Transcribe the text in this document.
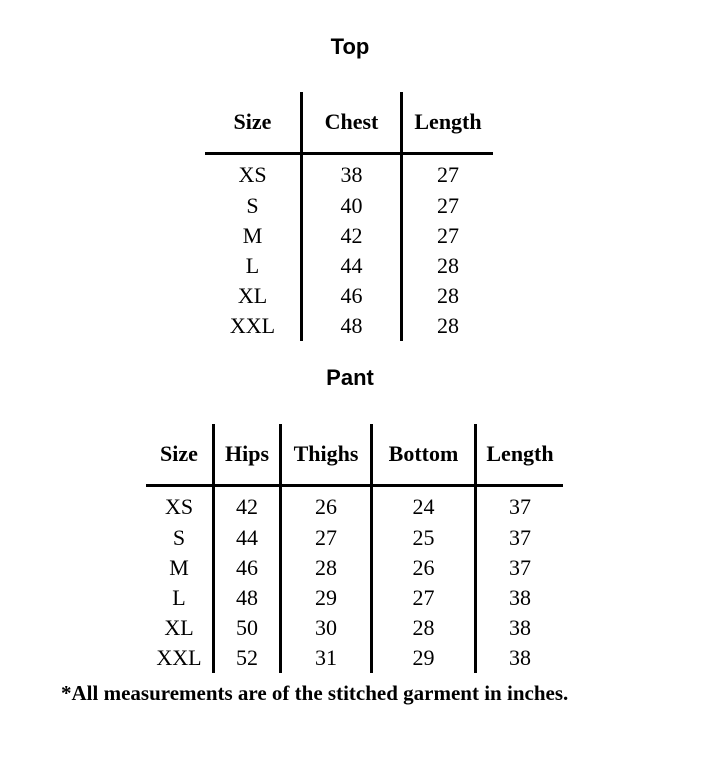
Top
Size	Chest	Length
XS	38	27
S	40	27
M	42	27
L	44	28
XL	46	28
XXL	48	28
Pant
Size	Hips	Thighs	Bottom	Length
XS	42	26	24	37
S	44	27	25	37
M	46	28	26	37
L	48	29	27	38
XL	50	30	28	38
XXL	52	31	29	38
*All measurements are of the stitched garment in inches.
